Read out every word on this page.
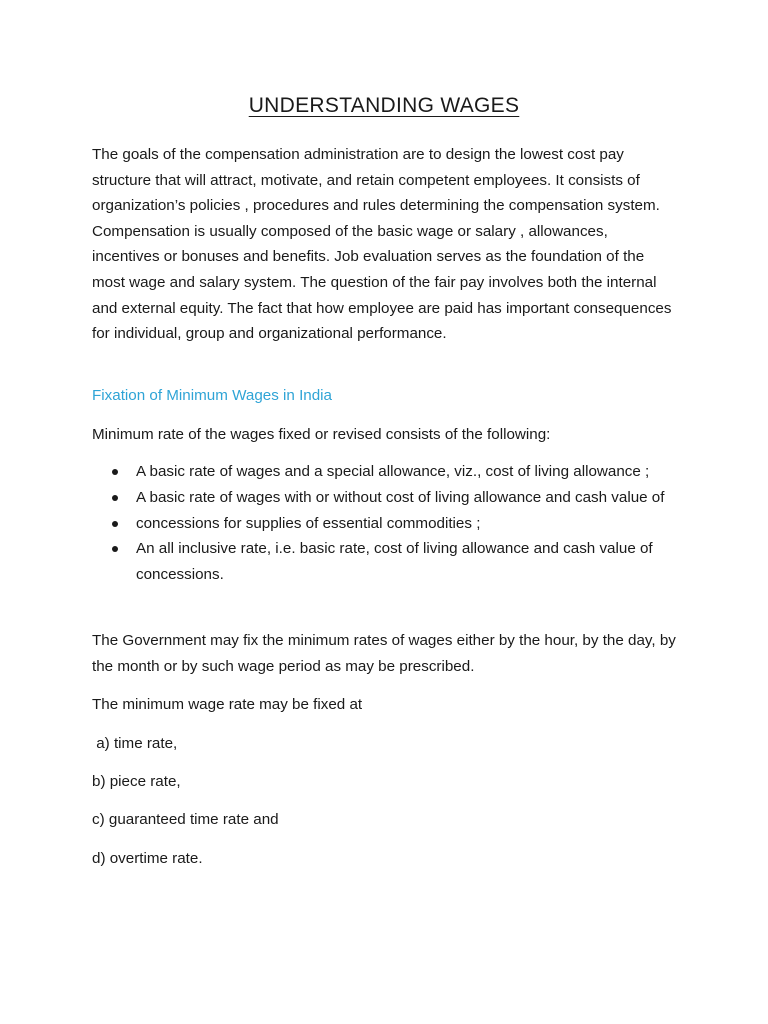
UNDERSTANDING WAGES

The goals of the compensation administration are to design the lowest cost pay structure that will attract, motivate, and retain competent employees. It consists of organization’s policies , procedures and rules determining the compensation system. Compensation is usually composed of the basic wage or salary , allowances, incentives or bonuses and benefits. Job evaluation serves as the foundation of the most wage and salary system. The question of the fair pay involves both the internal and external equity. The fact that how employee are paid has important consequences for individual, group and organizational performance.

Fixation of Minimum Wages in India

Minimum rate of the wages fixed or revised consists of the following:

A basic rate of wages and a special allowance, viz., cost of living allowance ;
A basic rate of wages with or without cost of living allowance and cash value of
concessions for supplies of essential commodities ;
An all inclusive rate, i.e. basic rate, cost of living allowance and cash value of concessions.

The Government may fix the minimum rates of wages either by the hour, by the day, by the month or by such wage period as may be prescribed.

The minimum wage rate may be fixed at

a) time rate,

b) piece rate,

c) guaranteed time rate and

d) overtime rate.
